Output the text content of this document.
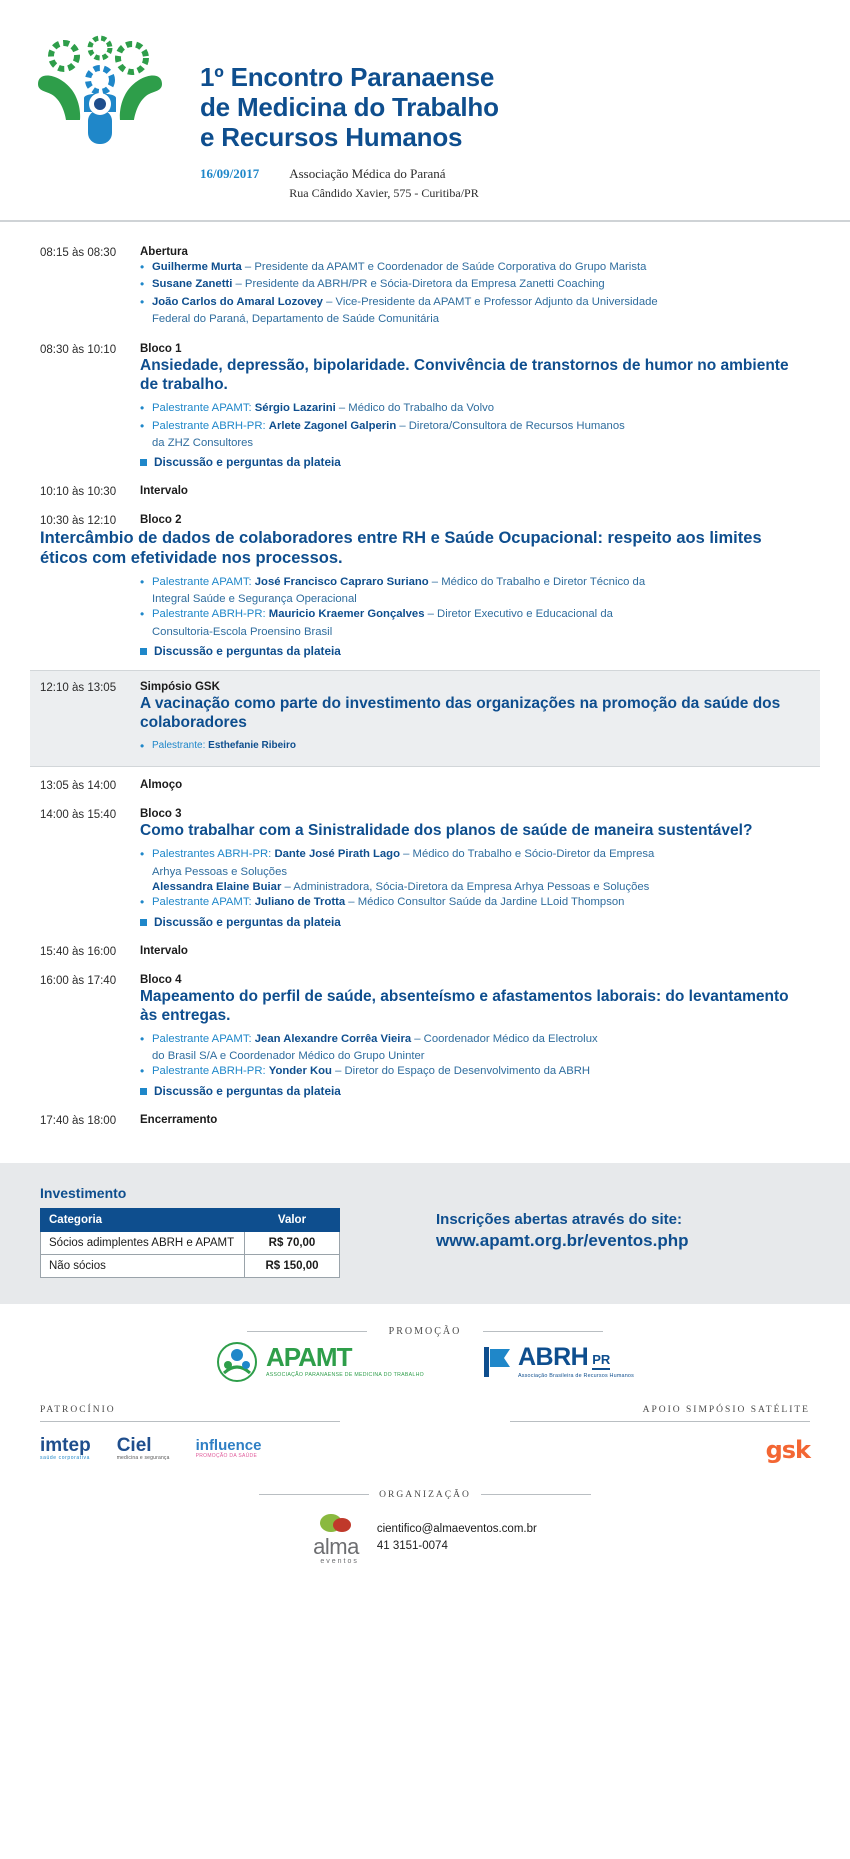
1º Encontro Paranaense
de Medicina do Trabalho
e Recursos Humanos
16/09/2017 Associação Médica do Paraná
Rua Cândido Xavier, 575 - Curitiba/PR
08:15 às 08:30	Abertura
• Guilherme Murta – Presidente da APAMT e Coordenador de Saúde Corporativa do Grupo Marista
• Susane Zanetti – Presidente da ABRH/PR e Sócia-Diretora da Empresa Zanetti Coaching
• João Carlos do Amaral Lozovey – Vice-Presidente da APAMT e Professor Adjunto da Universidade
Federal do Paraná, Departamento de Saúde Comunitária
08:30 às 10:10	Bloco 1
Ansiedade, depressão, bipolaridade. Convivência de transtornos de humor no ambiente de trabalho.
• Palestrante APAMT: Sérgio Lazarini – Médico do Trabalho da Volvo
• Palestrante ABRH-PR: Arlete Zagonel Galperin – Diretora/Consultora de Recursos Humanos
da ZHZ Consultores
Discussão e perguntas da plateia
10:10 às 10:30	Intervalo
10:30 às 12:10	Bloco 2
Intercâmbio de dados de colaboradores entre RH e Saúde Ocupacional: respeito aos limites éticos com efetividade nos processos.
• Palestrante APAMT: José Francisco Capraro Suriano – Médico do Trabalho e Diretor Técnico da
Integral Saúde e Segurança Operacional
• Palestrante ABRH-PR: Mauricio Kraemer Gonçalves – Diretor Executivo e Educacional da
Consultoria-Escola Proensino Brasil
Discussão e perguntas da plateia
12:10 às 13:05	Simpósio GSK
A vacinação como parte do investimento das organizações na promoção da saúde dos colaboradores
• Palestrante: Esthefanie Ribeiro
13:05 às 14:00	Almoço
14:00 às 15:40	Bloco 3
Como trabalhar com a Sinistralidade dos planos de saúde de maneira sustentável?
• Palestrantes ABRH-PR: Dante José Pirath Lago – Médico do Trabalho e Sócio-Diretor da Empresa
Arhya Pessoas e Soluções
Alessandra Elaine Buiar – Administradora, Sócia-Diretora da Empresa Arhya Pessoas e Soluções
• Palestrante APAMT: Juliano de Trotta – Médico Consultor Saúde da Jardine LLoid Thompson
Discussão e perguntas da plateia
15:40 às 16:00	Intervalo
16:00 às 17:40	Bloco 4
Mapeamento do perfil de saúde, absenteísmo e afastamentos laborais: do levantamento às entregas.
• Palestrante APAMT: Jean Alexandre Corrêa Vieira – Coordenador Médico da Electrolux
do Brasil S/A e Coordenador Médico do Grupo Uninter
• Palestrante ABRH-PR: Yonder Kou – Diretor do Espaço de Desenvolvimento da ABRH
Discussão e perguntas da plateia
17:40 às 18:00	Encerramento
Investimento
Categoria	Valor
Sócios adimplentes ABRH e APAMT	R$ 70,00
Não sócios	R$ 150,00
Inscrições abertas através do site:
www.apamt.org.br/eventos.php
PROMOÇÃO
APAMT
ASSOCIAÇÃO PARANAENSE DE MEDICINA DO TRABALHO
ABRH PR
Associação Brasileira de Recursos Humanos
PATROCÍNIO
imtep
saúde corporativa
Ciel
medicina e segurança
influence
PROMOÇÃO DA SAÚDE
APOIO SIMPÓSIO SATÉLITE
gsk
ORGANIZAÇÃO
alma
eventos
cientifico@almaeventos.com.br
41 3151-0074
